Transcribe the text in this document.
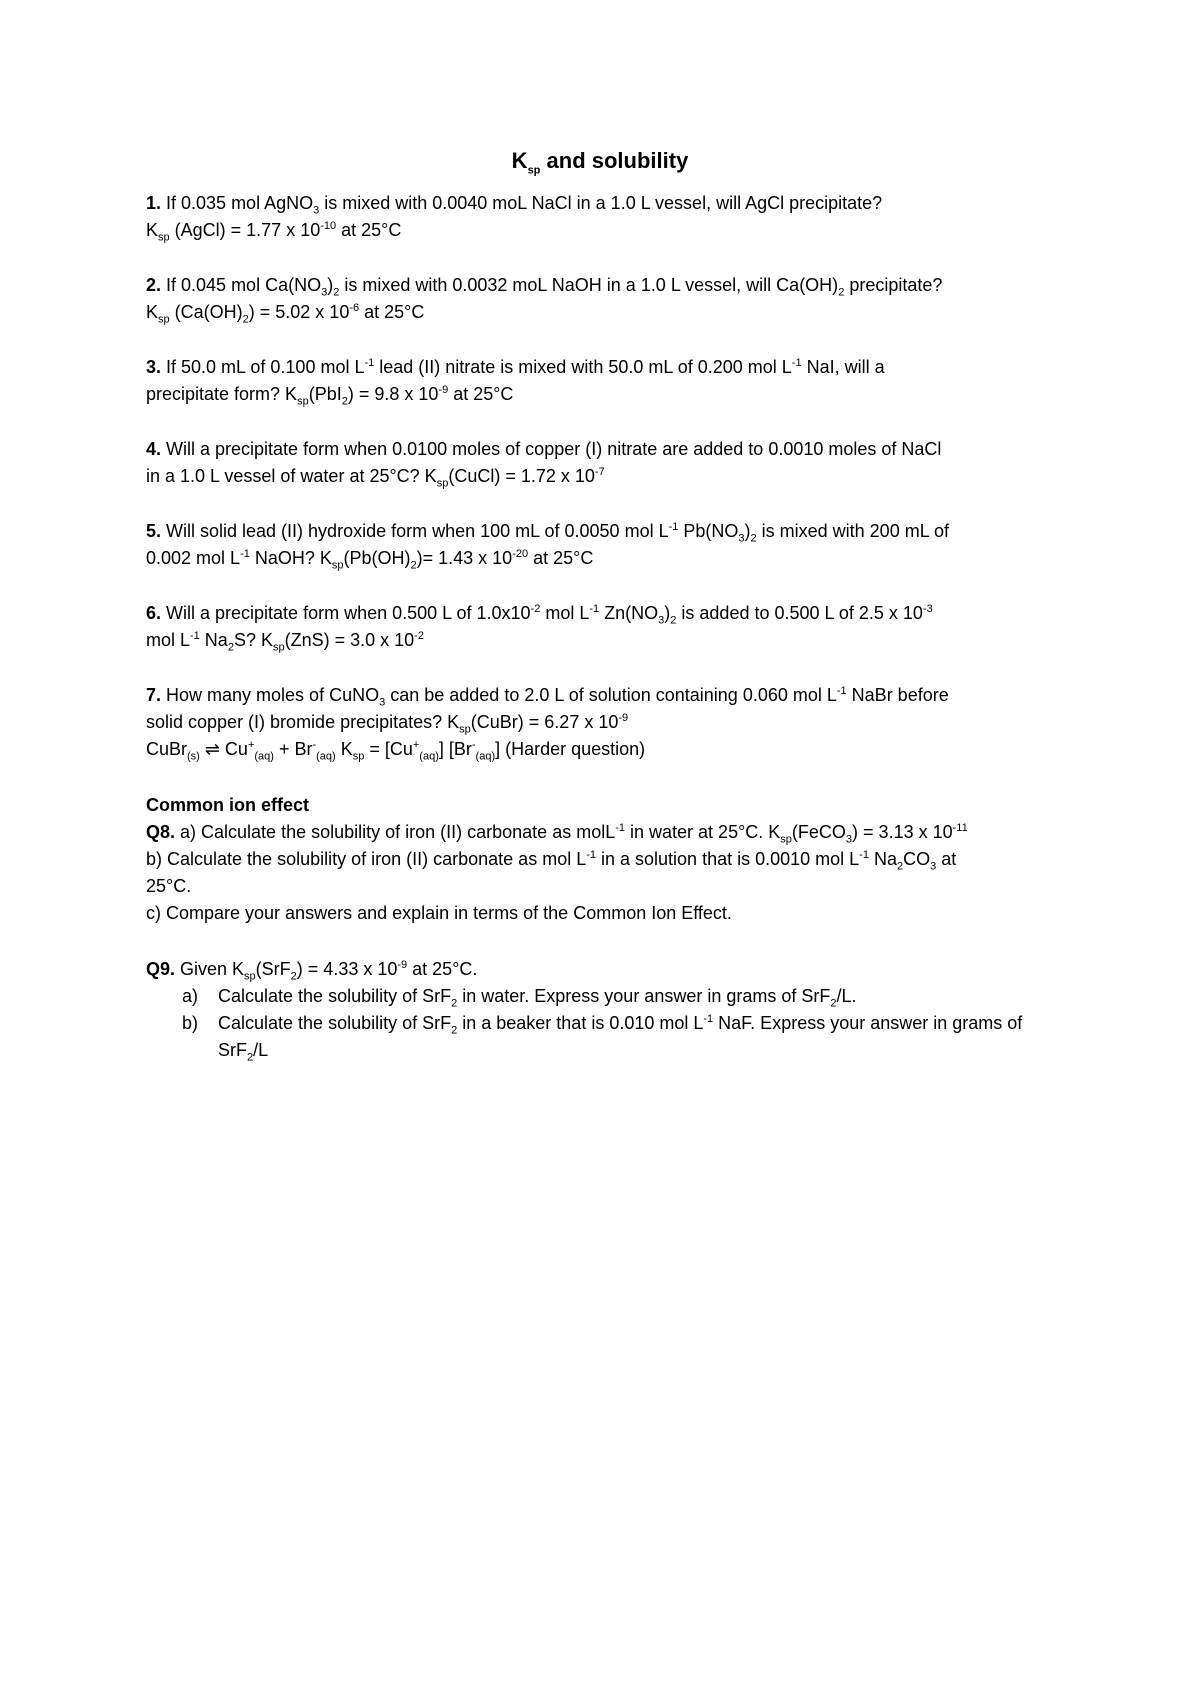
$K_{sp}$ and solubility
1. If 0.035 mol AgNO$_3$ is mixed with 0.0040 moL NaCl in a 1.0 L vessel, will AgCl precipitate?
$K_{sp}$ (AgCl) = 1.77 x $10^{-10}$ at 25°C
2. If 0.045 mol $Ca(NO_3)_2$ is mixed with 0.0032 moL NaOH in a 1.0 L vessel, will $Ca(OH)_2$ precipitate?
$K_{sp}$ $(Ca(OH)_2) = 5.02$ x $10^{-6}$ at 25°C
3. If 50.0 mL of 0.100 mol $L^{-1}$ lead (II) nitrate is mixed with 50.0 mL of 0.200 mol $L^{-1}$ NaI, will a
precipitate form? $K_{sp}(PbI_2) = 9.8$ x $10^{-9}$ at 25°C
4. Will a precipitate form when 0.0100 moles of copper (I) nitrate are added to 0.0010 moles of NaCl
in a 1.0 L vessel of water at 25°C? $K_{sp}(CuCl) = 1.72$ x $10^{-7}$
5. Will solid lead (II) hydroxide form when 100 mL of 0.0050 mol $L^{-1}$ $Pb(NO_3)_2$ is mixed with 200 mL of
0.002 mol $L^{-1}$ NaOH? $K_{sp}(Pb(OH)_2)= 1.43$ x $10^{-20}$ at 25°C
6. Will a precipitate form when 0.500 L of $1.0x10^{-2}$ mol $L^{-1}$ $Zn(NO_3)_2$ is added to 0.500 L of 2.5 x $10^{-3}$
mol $L^{-1}$ $Na_2S$? $K_{sp}(ZnS) = 3.0$ x $10^{-2}$
7. How many moles of CuNO$_3$ can be added to 2.0 L of solution containing 0.060 mol $L^{-1}$ NaBr before
solid copper (I) bromide precipitates? $K_{sp}(CuBr) = 6.27$ x $10^{-9}$
CuBr$_{(s)}$ ⇌ $Cu^+_{(aq)} + Br^-_{(aq)}$ $K_{sp} = [Cu^+_{(aq)}]$ $[Br^-_{(aq)}]$ (Harder question)
Common ion effect
Q8. a) Calculate the solubility of iron (II) carbonate as molL$^{-1}$ in water at 25°C. $K_{sp}(FeCO_3) = 3.13$ x $10^{-11}$
b) Calculate the solubility of iron (II) carbonate as mol $L^{-1}$ in a solution that is 0.0010 mol $L^{-1}$ $Na_2CO_3$ at
25°C.
c) Compare your answers and explain in terms of the Common Ion Effect.
Q9. Given $K_{sp}(SrF_2) = 4.33$ x $10^{-9}$ at 25°C.
a) Calculate the solubility of SrF$_2$ in water. Express your answer in grams of SrF$_2$/L.
b) Calculate the solubility of SrF$_2$ in a beaker that is 0.010 mol $L^{-1}$ NaF. Express your answer in grams of SrF$_2$/L
